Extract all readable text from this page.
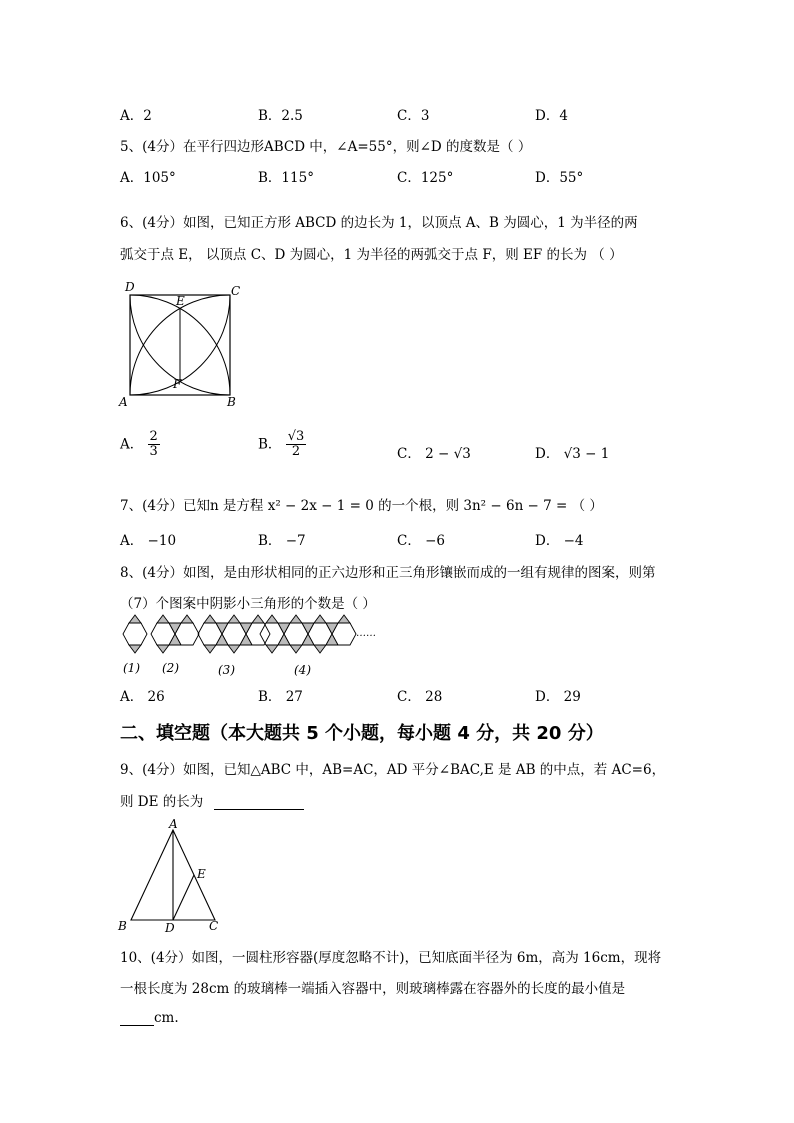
A．2	B．2.5	C．3	D．4
5、(4分）在平行四边形ABCD 中，∠A=55°，则∠D 的度数是（ ）
A．105°	B．115°	C．125°	D．55°
6、(4分）如图，已知正方形 ABCD 的边长为 1，以顶点 A、B 为圆心，1 为半径的两
弧交于点 E， 以顶点 C、D 为圆心，1 为半径的两弧交于点 F，则 EF 的长为 （ ）
D	C
E
F
A	B
A． $\frac{2}{3}$	B． $\frac{√3}{2}$	C． 2 − √3	D． √3 − 1
7、(4分）已知n 是方程 x² − 2x − 1 = 0 的一个根，则 3n² − 6n − 7 = （ ）
A． −10	B． −7	C． −6	D． −4
8、(4分）如图，是由形状相同的正六边形和正三角形镶嵌而成的一组有规律的图案，则第
（7）个图案中阴影小三角形的个数是（ ）
……
(1) (2)	(3)	(4)
A． 26	B． 27	C． 28	D． 29
二、填空题（本大题共 5 个小题，每小题 4 分，共 20 分）
9、(4分）如图，已知△ABC 中，AB=AC，AD 平分∠BAC,E 是 AB 的中点，若 AC=6，
则 DE 的长为
A
E
B	D	C
10、(4分）如图，一圆柱形容器(厚度忽略不计)，已知底面半径为 6m，高为 16cm，现将
一根长度为 28cm 的玻璃棒一端插入容器中，则玻璃棒露在容器外的长度的最小值是
cm.
